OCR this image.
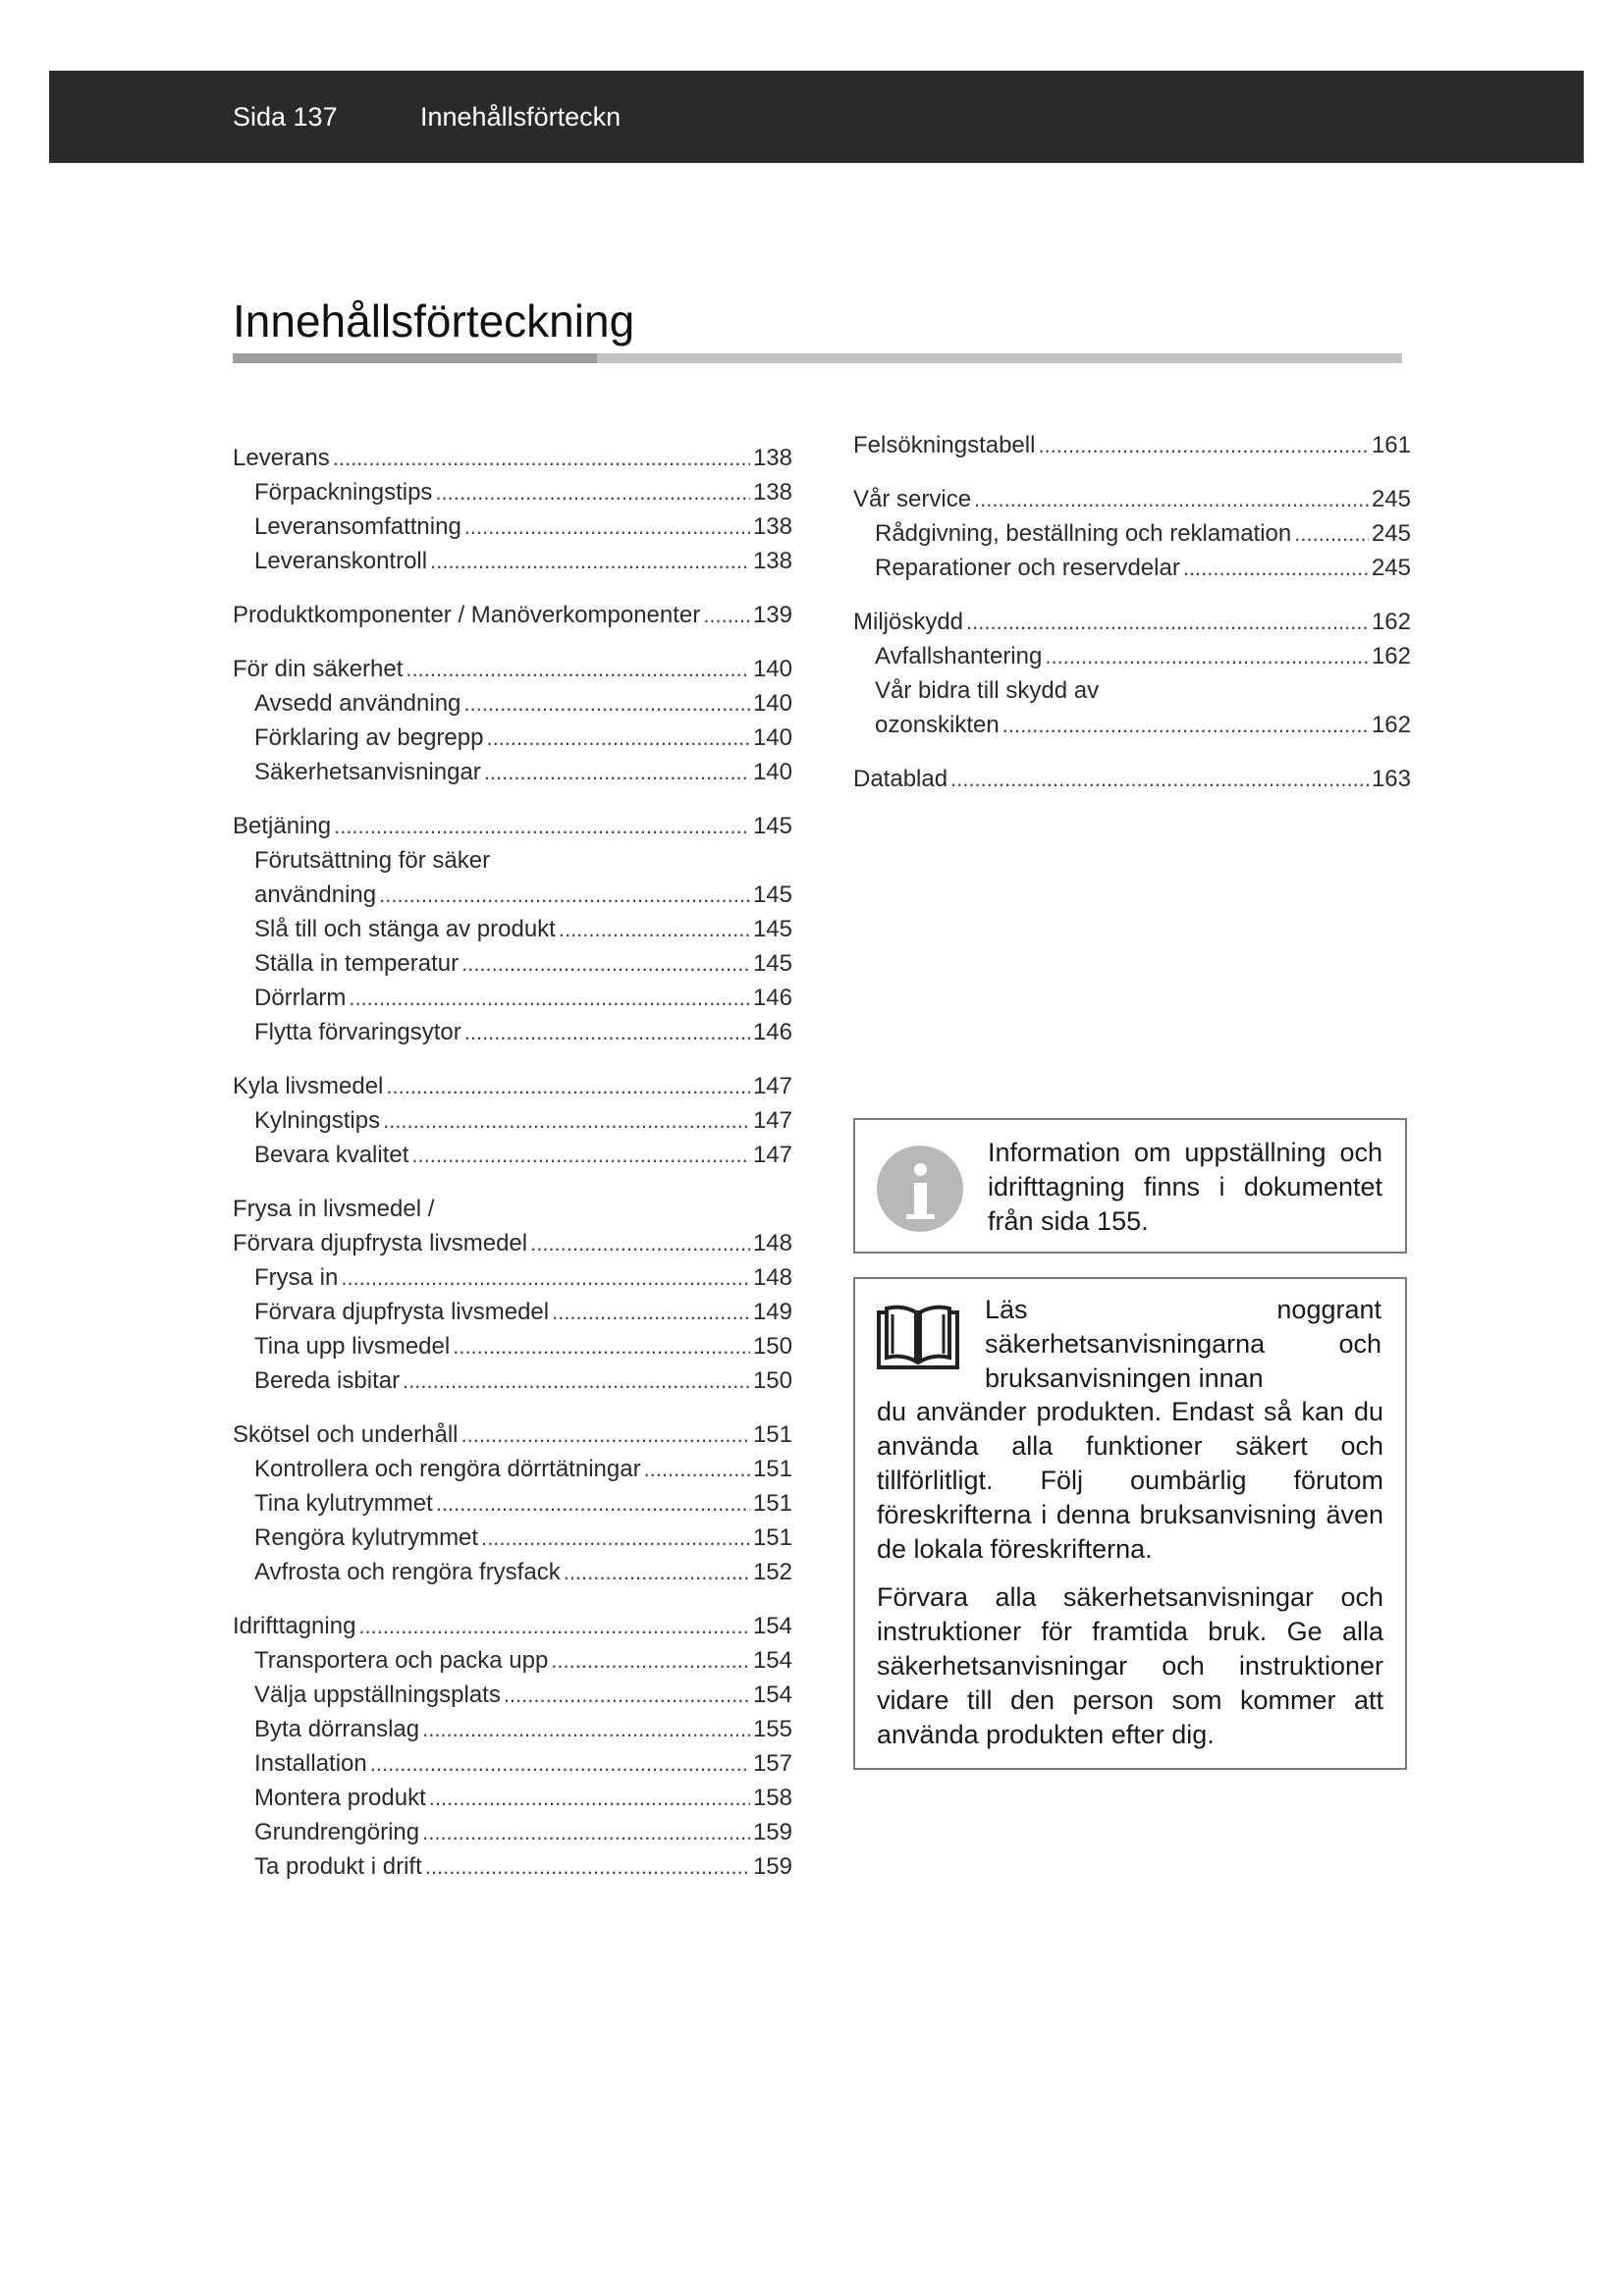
Sida 137	Innehållsförteckn
Innehållsförteckning
Leverans .....	138
Förpackningstips .....	138
Leveransomfattning .....	138
Leveranskontroll .....	138
Produktkomponenter / Manöverkomponenter ..... 139
För din säkerhet .....	140
Avsedd användning .....	140
Förklaring av begrepp .....	140
Säkerhetsanvisningar .....	140
Betjäning .....	145
Förutsättning för säker
användning .....	145
Slå till och stänga av produkt .....	145
Ställa in temperatur .....	145
Dörrlarm .....	146
Flytta förvaringsytor .....	146
Kyla livsmedel .....	147
Kylningstips .....	147
Bevara kvalitet .....	147
Frysa in livsmedel /
Förvara djupfrysta livsmedel .....	148
Frysa in .....	148
Förvara djupfrysta livsmedel .....	149
Tina upp livsmedel .....	150
Bereda isbitar .....	150
Skötsel och underhåll .....	151
Kontrollera och rengöra dörrtätningar .....	151
Tina kylutrymmet .....	151
Rengöra kylutrymmet .....	151
Avfrosta och rengöra frysfack .....	152
Idrifttagning .....	154
Transportera och packa upp .....	154
Välja uppställningsplats .....	154
Byta dörranslag .....	155
Installation .....	157
Montera produkt .....	158
Grundrengöring .....	159
Ta produkt i drift .....	159
Felsökningstabell .....	161
Vår service .....	245
Rådgivning, beställning och reklamation .....	245
Reparationer och reservdelar .....	245
Miljöskydd .....	162
Avfallshantering .....	162
Vår bidra till skydd av
ozonskikten .....	162
Datablad .....	163
Information om uppställning och idrifttagning finns i dokumentet från sida 155.
Läs noggrant säkerhetsanvisningarna och bruksanvisningen innan

du använder produkten. Endast så kan du använda alla funktioner säkert och tillförlitligt. Följ oumbärlig förutom föreskrifterna i denna bruksanvisning även de lokala föreskrifterna.

Förvara alla säkerhetsanvisningar och instruktioner för framtida bruk. Ge alla säkerhetsanvisningar och instruktioner vidare till den person som kommer att använda produkten efter dig.
